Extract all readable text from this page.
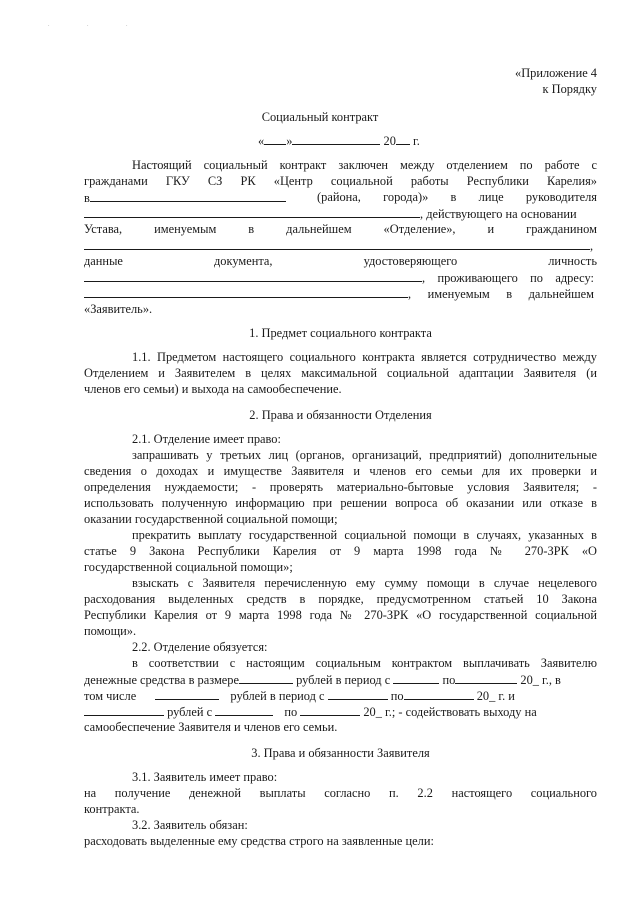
. . .
«Приложение 4
к Порядку
Социальный контракт
« »	20 г.
Настоящий социальный контракт заключен между отделением по работе с
гражданами ГКУ СЗ РК «Центр социальной работы Республики Карелия»
в	(района, города)» в лице руководителя
, действующего на основании
Устава, именуемым в дальнейшем «Отделение», и гражданином
,
данные документа, удостоверяющего личность
, проживающего по адресу:
, именуемым в дальнейшем
«Заявитель».
1. Предмет социального контракта
1.1. Предметом настоящего социального контракта является сотрудничество между
Отделением и Заявителем в целях максимальной социальной адаптации Заявителя (и
членов его семьи) и выхода на самообеспечение.
2. Права и обязанности Отделения
2.1. Отделение имеет право:
запрашивать у третьих лиц (органов, организаций, предприятий) дополнительные
сведения о доходах и имуществе Заявителя и членов его семьи для их проверки и
определения нуждаемости; - проверять материально-бытовые условия Заявителя; -
использовать полученную информацию при решении вопроса об оказании или отказе в
оказании государственной социальной помощи;
прекратить выплату государственной социальной помощи в случаях, указанных в
статье 9 Закона Республики Карелия от 9 марта 1998 года № 270-ЗРК «О
государственной социальной помощи»;
взыскать с Заявителя перечисленную ему сумму помощи в случае нецелевого
расходования выделенных средств в порядке, предусмотренном статьей 10 Закона
Республики Карелия от 9 марта 1998 года № 270-ЗРК «О государственной социальной
помощи».
2.2. Отделение обязуется:
в соответствии с настоящим социальным контрактом выплачивать Заявителю
денежные средства в размере	рублей в период с	по	20_ г., в
том числе	рублей в период с	по	20_ г. и
рублей с	по	20_ г.; - содействовать выходу на
самообеспечение Заявителя и членов его семьи.
3. Права и обязанности Заявителя
3.1. Заявитель имеет право:
на получение денежной выплаты согласно п. 2.2 настоящего социального
контракта.
3.2. Заявитель обязан:
расходовать выделенные ему средства строго на заявленные цели:
